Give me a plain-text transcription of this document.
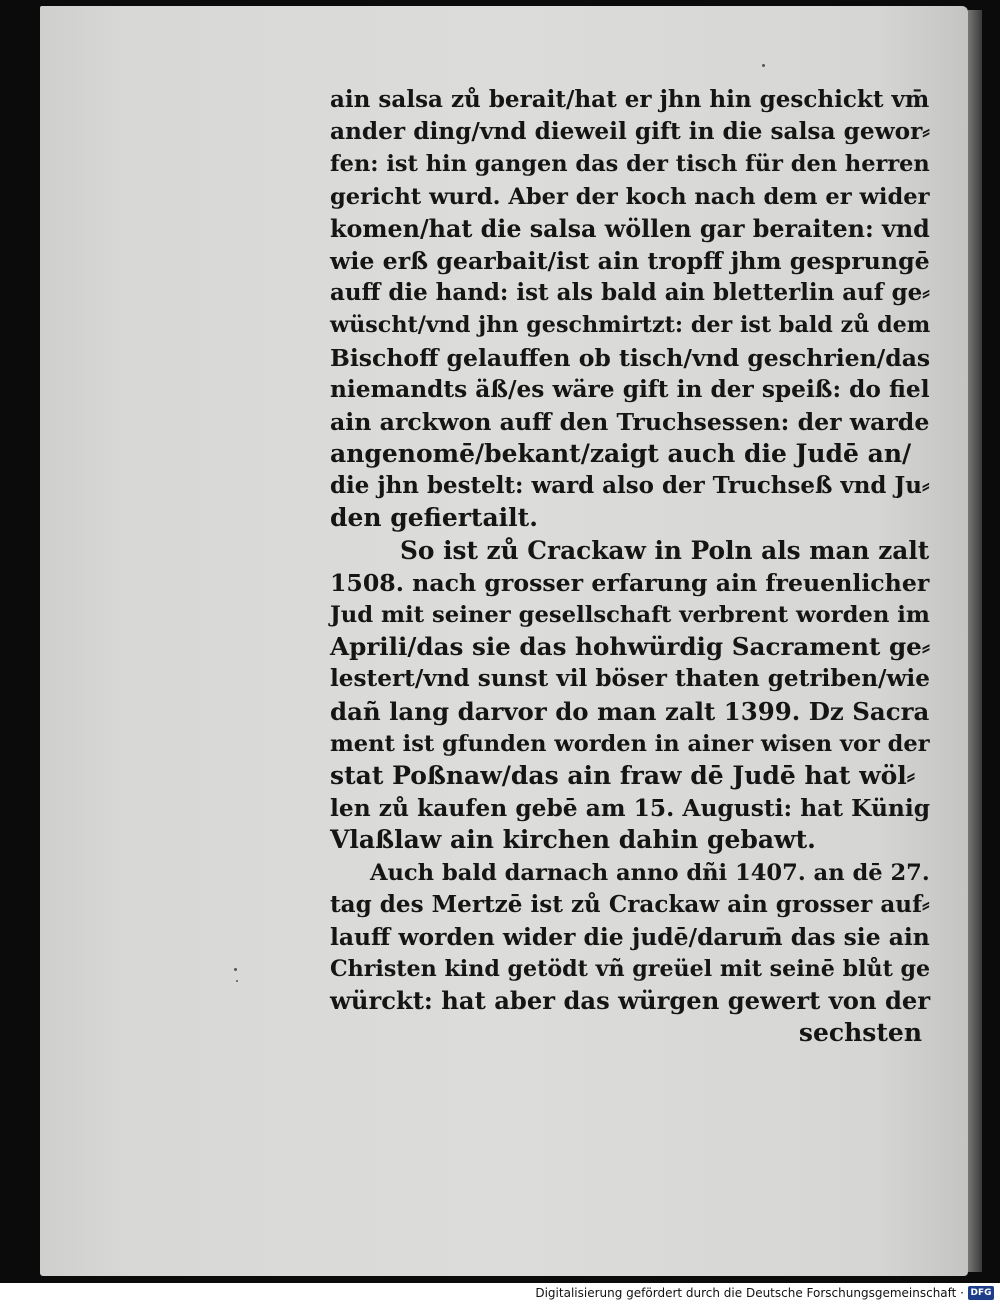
ain salsa zů berait/hat er jhn hin geschickt vm̄
ander ding/vnd dieweil gift in die salsa gewor⸗
fen: ist hin gangen das der tisch für den herren
gericht wurd. Aber der koch nach dem er wider
komen/hat die salsa wöllen gar beraiten: vnd
wie erß gearbait/ist ain tropff jhm gesprungē
auff die hand: ist als bald ain bletterlin auf ge⸗
wüscht/vnd jhn geschmirtzt: der ist bald zů dem
Bischoff gelauffen ob tisch/vnd geschrien/das
niemandts äß/es wäre gift in der speiß: do fiel
ain arckwon auff den Truchsessen: der warde
angenomē/bekant/zaigt auch die Judē an/
die jhn bestelt: ward also der Truchseß vnd Ju⸗
den gefiertailt.
So ist zů Crackaw in Poln als man zalt
1508. nach grosser erfarung ain freuenlicher
Jud mit seiner gesellschaft verbrent worden im
Aprili/das sie das hohwürdig Sacrament ge⸗
lestert/vnd sunst vil böser thaten getriben/wie
dañ lang darvor do man zalt 1399. Dz Sacra
ment ist gfunden worden in ainer wisen vor der
stat Poßnaw/das ain fraw dē Judē hat wöl⸗
len zů kaufen gebē am 15. Augusti: hat Künig
Vlaßlaw ain kirchen dahin gebawt.
Auch bald darnach anno dñi 1407. an dē 27.
tag des Mertzē ist zů Crackaw ain grosser auf⸗
lauff worden wider die judē/darum̄ das sie ain
Christen kind getödt vñ greüel mit seinē blůt ge
würckt: hat aber das würgen gewert von der
sechsten
Digitalisierung gefördert durch die Deutsche Forschungsgemeinschaft · DFG
